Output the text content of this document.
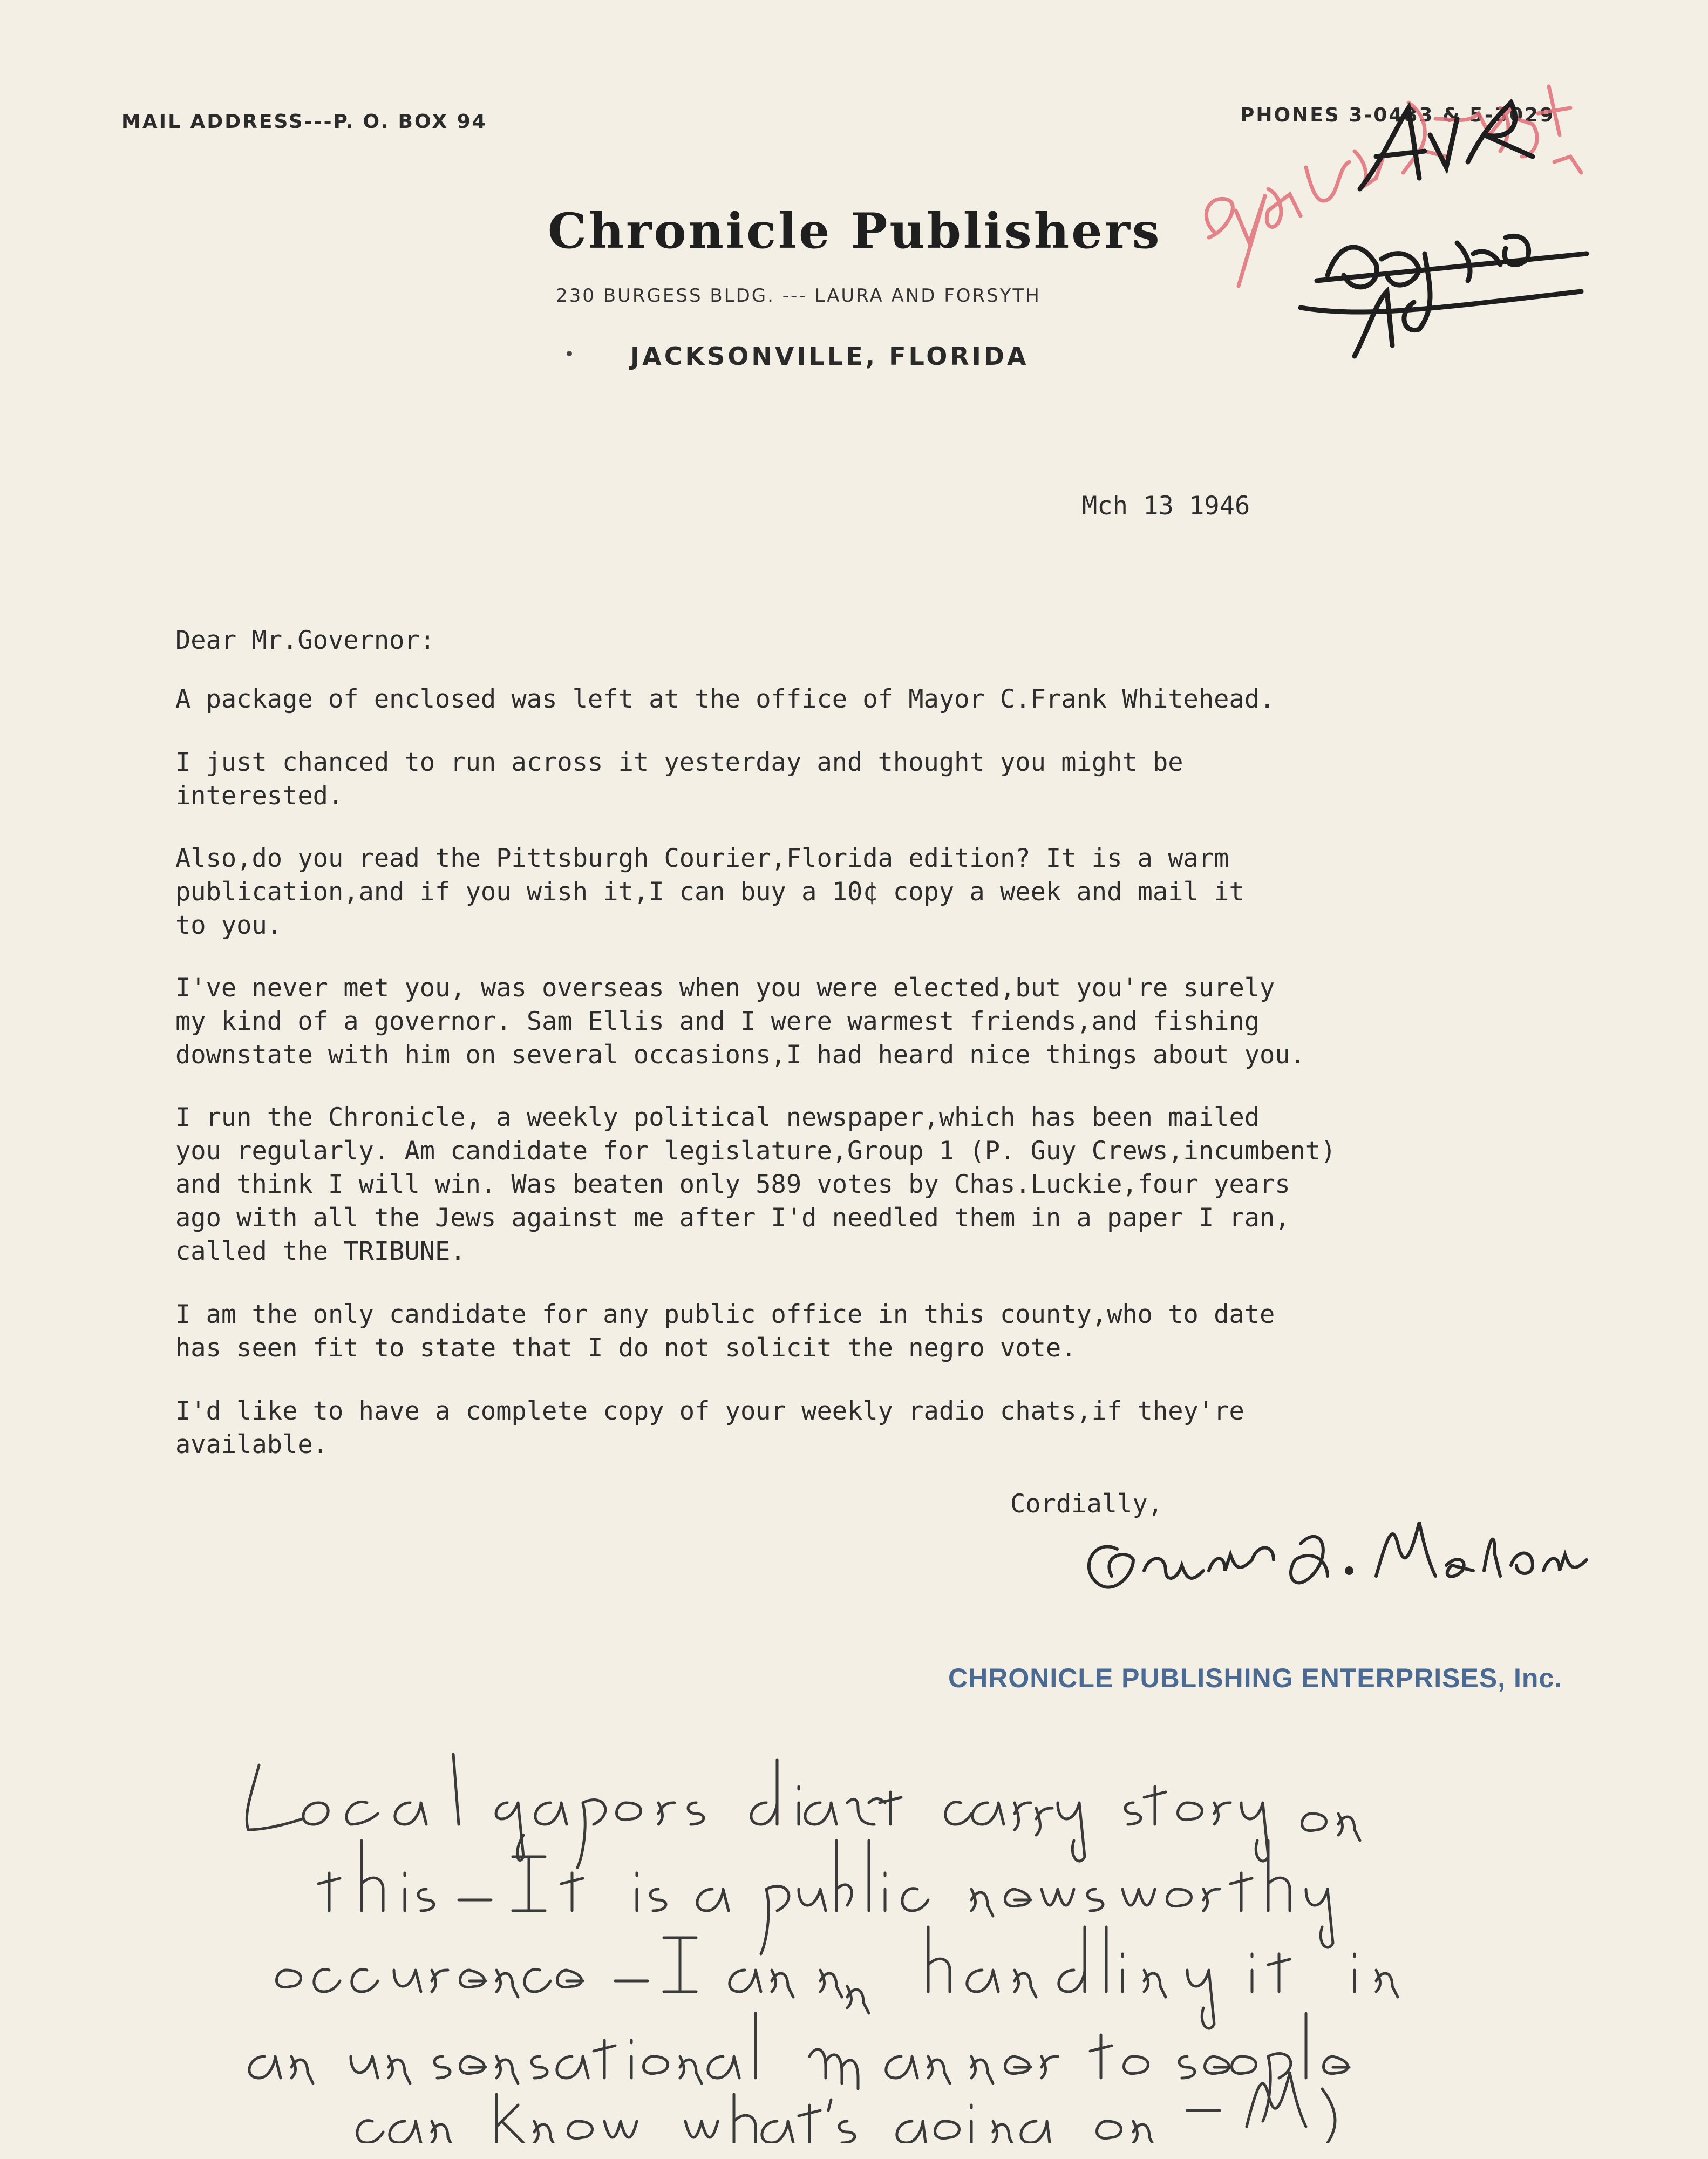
MAIL ADDRESS---P. O. BOX 94	PHONES 3-0483 & 5-3029
Chronicle Publishers
230 BURGESS BLDG. --- LAURA AND FORSYTH
JACKSONVILLE, FLORIDA
Mch 13 1946
Dear Mr.Governor:
A package of enclosed was left at the office of Mayor C.Frank Whitehead.
I just chanced to run across it yesterday and thought you might be
interested.
Also,do you read the Pittsburgh Courier,Florida edition? It is a warm
publication,and if you wish it,I can buy a 10¢ copy a week and mail it
to you.
I've never met you, was overseas when you were elected,but you're surely
my kind of a governor. Sam Ellis and I were warmest friends,and fishing
downstate with him on several occasions,I had heard nice things about you.
I run the Chronicle, a weekly political newspaper,which has been mailed
you regularly. Am candidate for legislature,Group 1 (P. Guy Crews,incumbent)
and think I will win. Was beaten only 589 votes by Chas.Luckie,four years
ago with all the Jews against me after I'd needled them in a paper I ran,
called the TRIBUNE.
I am the only candidate for any public office in this county,who to date
has seen fit to state that I do not solicit the negro vote.
I'd like to have a complete copy of your weekly radio chats,if they're
available.
Cordially,
CHRONICLE PUBLISHING ENTERPRISES, Inc.
